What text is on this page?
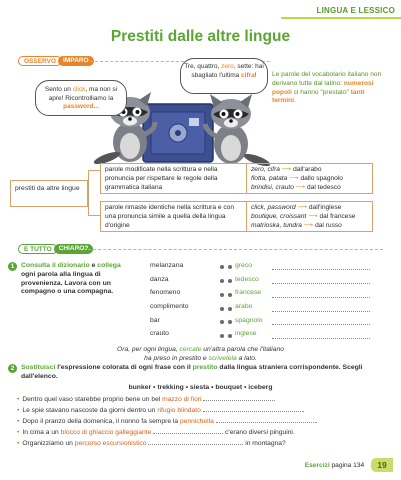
LINGUA E LESSICO
Prestiti dalle altre lingue
OSSERVO IMPARO
Sento un click, ma non si apre! Ricontrolliamo la password...
Tre, quattro, zero, sette: hai sbagliato l'ultima cifra!	Le parole del vocabolario italiano non derivano tutte dal latino: numerosi popoli ci hanno "prestato" tanti termini.
prestiti da altre lingue
parole modificate nella scrittura e nella pronuncia per rispettare le regole della grammatica italiana
zero, cifra ⟶ dall'arabo
flotta, patata ⟶ dallo spagnolo
brindisi, crauto ⟶ dal tedesco
parole rimaste identiche nella scrittura e con una pronuncia simile a quella della lingua d'origine
click, password ⟶ dall'inglese
boutique, croissant ⟶ dal francese
matrioska, tundra ⟶ dal russo
E TUTTO CHIARO?
1 Consulta il dizionario e collega ogni parola alla lingua di provenienza. Lavora con un compagno o una compagna.
melanzana
danza
fenomeno
complimento
bar
crauto
greco
tedesco
francese
arabo
spagnolo
inglese
Ora, per ogni lingua, cercate un'altra parola che l'italiano
ha preso in prestito e scrivetela a lato.
2 Sostituisci l'espressione colorata di ogni frase con il prestito dalla lingua straniera corrispondente. Scegli dall'elenco.
bunker • trekking • siesta • bouquet • iceberg
• Dentro quel vaso starebbe proprio bene un bel mazzo di fiori	.
• Le spie stavano nascoste da giorni dentro un rifugio blindato	.
• Dopo il pranzo della domenica, il nonno fa sempre la pennichella	.
• In cima a un blocco di ghiaccio galleggiante	c'erano diversi pinguini.
• Organizziamo un percorso escursionistico	in montagna?
Esercizi pagina 134 19
